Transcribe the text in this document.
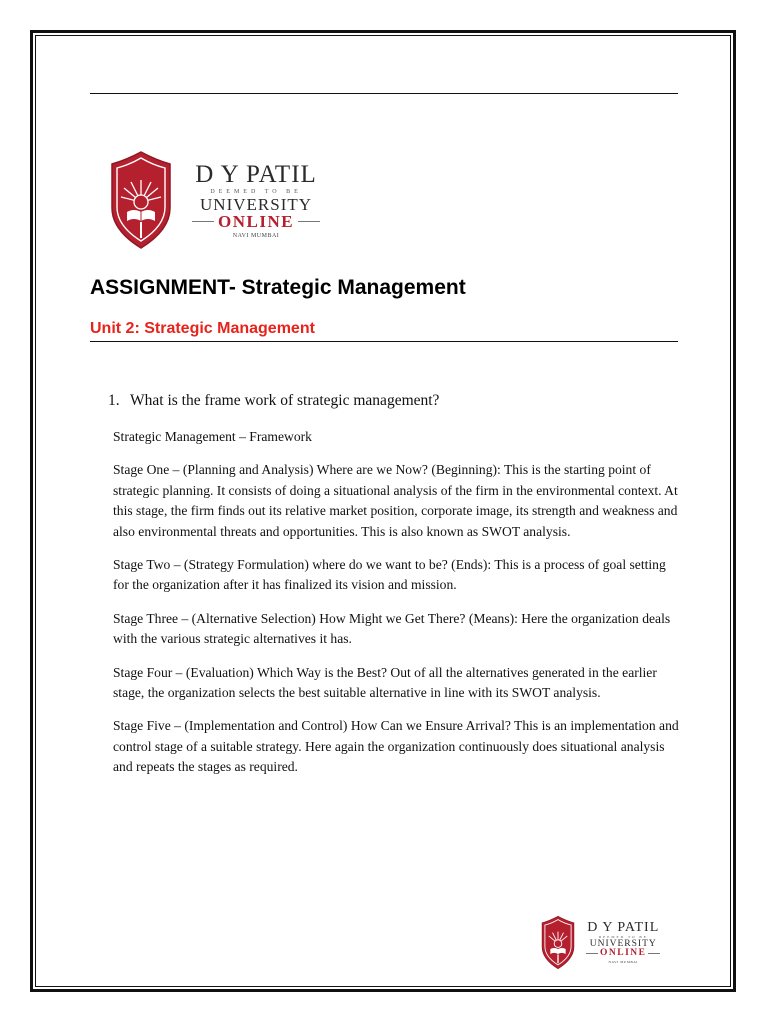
D Y PATIL
DEEMED TO BE
UNIVERSITY
ONLINE
NAVI MUMBAI
ASSIGNMENT- Strategic Management
Unit 2: Strategic Management
1. What is the frame work of strategic management?

Strategic Management – Framework

Stage One – (Planning and Analysis) Where are we Now? (Beginning): This is the starting point of strategic planning. It consists of doing a situational analysis of the firm in the environmental context. At this stage, the firm finds out its relative market position, corporate image, its strength and weakness and also environmental threats and opportunities. This is also known as SWOT analysis.

Stage Two – (Strategy Formulation) where do we want to be? (Ends): This is a process of goal setting for the organization after it has finalized its vision and mission.

Stage Three – (Alternative Selection) How Might we Get There? (Means): Here the organization deals with the various strategic alternatives it has.

Stage Four – (Evaluation) Which Way is the Best? Out of all the alternatives generated in the earlier stage, the organization selects the best suitable alternative in line with its SWOT analysis.

Stage Five – (Implementation and Control) How Can we Ensure Arrival? This is an implementation and control stage of a suitable strategy. Here again the organization continuously does situational analysis and repeats the stages as required.

D Y PATIL
DEEMED TO BE
UNIVERSITY
ONLINE
NAVI MUMBAI
